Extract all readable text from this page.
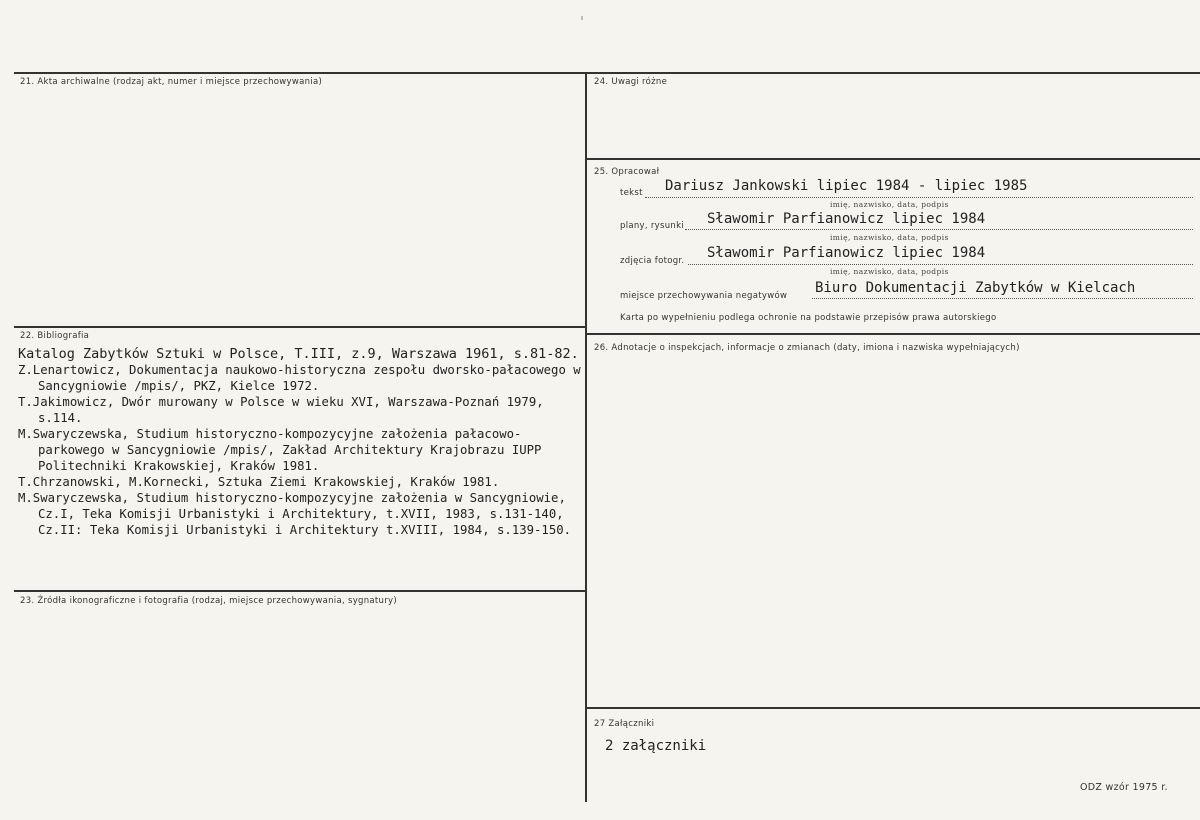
21. Akta archiwalne (rodzaj akt, numer i miejsce przechowywania)
22. Bibliografia

Katalog Zabytków Sztuki w Polsce, T.III, z.9, Warszawa 1961, s.81-82.

Z.Lenartowicz, Dokumentacja naukowo-historyczna zespołu dworsko-pałacowego w Sancygniowie /mpis/, PKZ, Kielce 1972.

T.Jakimowicz, Dwór murowany w Polsce w wieku XVI, Warszawa-Poznań 1979, s.114.

M.Swaryczewska, Studium historyczno-kompozycyjne założenia pałacowo-parkowego w Sancygniowie /mpis/, Zakład Architektury Krajobrazu IUPP Politechniki Krakowskiej, Kraków 1981.

T.Chrzanowski, M.Kornecki, Sztuka Ziemi Krakowskiej, Kraków 1981.

M.Swaryczewska, Studium historyczno-kompozycyjne założenia w Sancygniowie, Cz.I, Teka Komisji Urbanistyki i Architektury, t.XVII, 1983, s.131-140, Cz.II: Teka Komisji Urbanistyki i Architektury t.XVIII, 1984, s.139-150.

23. Źródła ikonograficzne i fotografia (rodzaj, miejsce przechowywania, sygnatury)
24. Uwagi różne
25. Opracował
tekst Dariusz Jankowski lipiec 1984 - lipiec 1985
imię, nazwisko, data, podpis
plany, rysunki Sławomir Parfianowicz lipiec 1984
imię, nazwisko, data, podpis
zdjęcia fotogr. Sławomir Parfianowicz lipiec 1984
imię, nazwisko, data, podpis
miejsce przechowywania negatywów Biuro Dokumentacji Zabytków w Kielcach
Karta po wypełnieniu podlega ochronie na podstawie przepisów prawa autorskiego
26. Adnotacje o inspekcjach, informacje o zmianach (daty, imiona i nazwiska wypełniających)
27 Załączniki
2 załączniki
ODZ wzór 1975 r.
